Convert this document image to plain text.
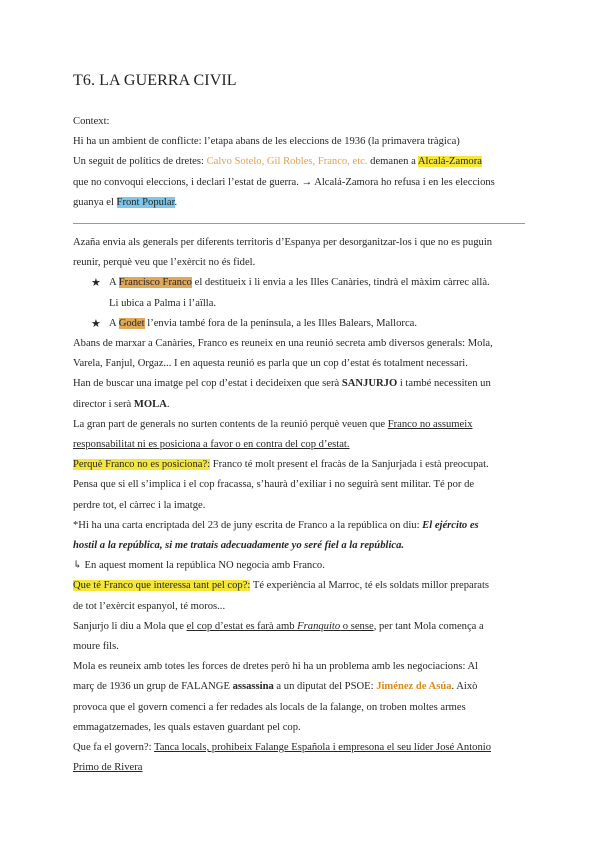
T6. LA GUERRA CIVIL

Context:

Hi ha un ambient de conflicte: l’etapa abans de les eleccions de 1936 (la primavera tràgica)

Un seguit de polítics de dretes: Calvo Sotelo, Gil Robles, Franco, etc. demanen a Alcalá-Zamora

que no convoqui eleccions, i declari l’estat de guerra. → Alcalá-Zamora ho refusa i en les eleccions

guanya el Front Popular.

Azaña envia als generals per diferents territoris d’Espanya per desorganitzar-los i que no es puguin

reunir, perquè veu que l’exèrcit no és fidel.

★ A Francisco Franco el destitueix i li envia a les Illes Canàries, tindrà el màxim càrrec allà.

Li ubica a Palma i l’aïlla.

★ A Godet l’envia també fora de la península, a les Illes Balears, Mallorca.

Abans de marxar a Canàries, Franco es reuneix en una reunió secreta amb diversos generals: Mola,

Varela, Fanjul, Orgaz... I en aquesta reunió es parla que un cop d’estat és totalment necessari.

Han de buscar una imatge pel cop d’estat i decideixen que serà SANJURJO i també necessiten un

director i serà MOLA.

La gran part de generals no surten contents de la reunió perquè veuen que Franco no assumeix

responsabilitat ni es posiciona a favor o en contra del cop d’estat.

Perquè Franco no es posiciona?: Franco té molt present el fracàs de la Sanjurjada i està preocupat.

Pensa que si ell s’implica i el cop fracassa, s’haurà d’exiliar i no seguirà sent militar. Té por de

perdre tot, el càrrec i la imatge.

*Hi ha una carta encriptada del 23 de juny escrita de Franco a la república on diu: El ejército es

hostil a la república, si me tratais adecuadamente yo seré fiel a la república.

↳ En aquest moment la república NO negocia amb Franco.

Que té Franco que interessa tant pel cop?: Té experiència al Marroc, té els soldats millor preparats

de tot l’exèrcit espanyol, té moros...

Sanjurjo li diu a Mola que el cop d’estat es farà amb Franquito o sense, per tant Mola comença a

moure fils.

Mola es reuneix amb totes les forces de dretes però hi ha un problema amb les negociacions: Al

març de 1936 un grup de FALANGE assassina a un diputat del PSOE: Jiménez de Asúa. Això

provoca que el govern comenci a fer redades als locals de la falange, on troben moltes armes

emmagatzemades, les quals estaven guardant pel cop.

Que fa el govern?: Tanca locals, prohibeix Falange Española i empresona el seu líder José Antonio

Primo de Rivera
